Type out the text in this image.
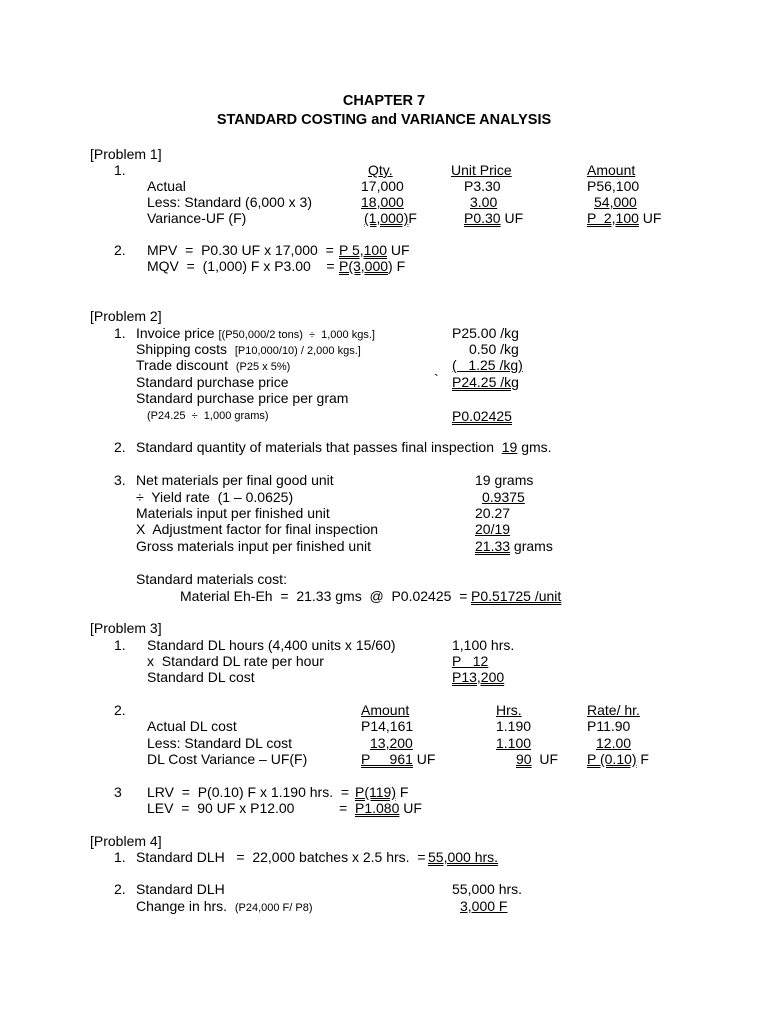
CHAPTER 7
STANDARD COSTING and VARIANCE ANALYSIS
[Problem 1]
1.	Qty.	Unit Price	Amount
Actual	17,000	P3.30	P56,100
Less: Standard (6,000 x 3)	18,000	3.00	54,000
Variance-UF (F)	(1,000)F	P0.30 UF	P  2,100 UF
2. MPV  =  P0.30 UF x 17,000  = P 5,100 UF
MQV  =  (1,000) F x P3.00    = P(3,000) F
[Problem 2]
1. Invoice price [(P50,000/2 tons)  ÷  1,000 kgs.]	P25.00 /kg
Shipping costs [P10,000/10) / 2,000 kgs.]	0.50 /kg
Trade discount (P25 x 5%)	(   1.25 /kg)
Standard purchase price	` P24.25 /kg
Standard purchase price per gram
(P24.25  ÷  1,000 grams)	P0.02425
2. Standard quantity of materials that passes final inspection 19 gms.
3. Net materials per final good unit	19 grams
÷  Yield rate  (1 – 0.0625)	0.9375
Materials input per finished unit	20.27
X  Adjustment factor for final inspection	20/19
Gross materials input per finished unit	21.33 grams
Standard materials cost:
Material Eh-Eh  =  21.33 gms  @  P0.02425  = P0.51725 /unit
[Problem 3]
1. Standard DL hours (4,400 units x 15/60)	1,100 hrs.
x  Standard DL rate per hour	P   12
Standard DL cost	P13,200
2.	Amount	Hrs.	Rate/ hr.
Actual DL cost	P14,161	1.190	P11.90
Less: Standard DL cost	13,200	1.100	12.00
DL Cost Variance – UF(F)	P     961 UF	90  UF P (0.10) F
3 LRV  =  P(0.10) F x 1.190 hrs.  = P(119) F
LEV  =  90 UF x P12.00	= P1.080 UF
[Problem 4]
1. Standard DLH   =  22,000 batches x 2.5 hrs.  = 55,000 hrs.
2. Standard DLH	55,000 hrs.
Change in hrs. (P24,000 F/ P8)	3,000 F
